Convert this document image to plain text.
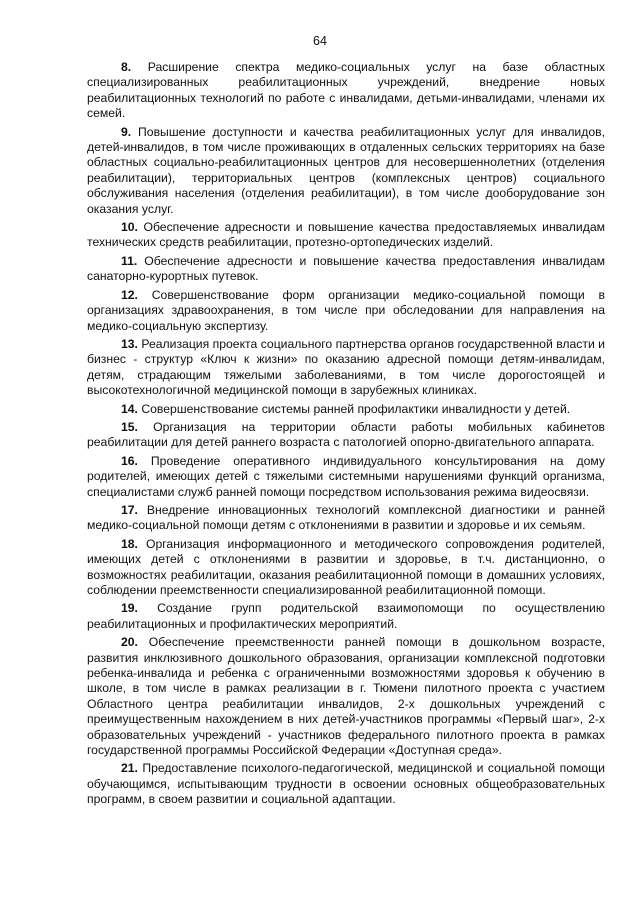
64

8. Расширение спектра медико-социальных услуг на базе областных специализированных реабилитационных учреждений, внедрение новых реабилитационных технологий по работе с инвалидами, детьми-инвалидами, членами их семей.

9. Повышение доступности и качества реабилитационных услуг для инвалидов, детей-инвалидов, в том числе проживающих в отдаленных сельских территориях на базе областных социально-реабилитационных центров для несовершеннолетних (отделения реабилитации), территориальных центров (комплексных центров) социального обслуживания населения (отделения реабилитации), в том числе дооборудование зон оказания услуг.

10. Обеспечение адресности и повышение качества предоставляемых инвалидам технических средств реабилитации, протезно-ортопедических изделий.

11. Обеспечение адресности и повышение качества предоставления инвалидам санаторно-курортных путевок.

12. Совершенствование форм организации медико-социальной помощи в организациях здравоохранения, в том числе при обследовании для направления на медико-социальную экспертизу.

13. Реализация проекта социального партнерства органов государственной власти и бизнес - структур «Ключ к жизни» по оказанию адресной помощи детям-инвалидам, детям, страдающим тяжелыми заболеваниями, в том числе дорогостоящей и высокотехнологичной медицинской помощи в зарубежных клиниках.

14. Совершенствование системы ранней профилактики инвалидности у детей.

15. Организация на территории области работы мобильных кабинетов реабилитации для детей раннего возраста с патологией опорно-двигательного аппарата.

16. Проведение оперативного индивидуального консультирования на дому родителей, имеющих детей с тяжелыми системными нарушениями функций организма, специалистами служб ранней помощи посредством использования режима видеосвязи.

17. Внедрение инновационных технологий комплексной диагностики и ранней медико-социальной помощи детям с отклонениями в развитии и здоровье и их семьям.

18. Организация информационного и методического сопровождения родителей, имеющих детей с отклонениями в развитии и здоровье, в т.ч. дистанционно, о возможностях реабилитации, оказания реабилитационной помощи в домашних условиях, соблюдении преемственности специализированной реабилитационной помощи.

19. Создание групп родительской взаимопомощи по осуществлению реабилитационных и профилактических мероприятий.

20. Обеспечение преемственности ранней помощи в дошкольном возрасте, развития инклюзивного дошкольного образования, организации комплексной подготовки ребенка-инвалида и ребенка с ограниченными возможностями здоровья к обучению в школе, в том числе в рамках реализации в г. Тюмени пилотного проекта с участием Областного центра реабилитации инвалидов, 2-х дошкольных учреждений с преимущественным нахождением в них детей-участников программы «Первый шаг», 2-х образовательных учреждений - участников федерального пилотного проекта в рамках государственной программы Российской Федерации «Доступная среда».

21. Предоставление психолого-педагогической, медицинской и социальной помощи обучающимся, испытывающим трудности в освоении основных общеобразовательных программ, в своем развитии и социальной адаптации.
